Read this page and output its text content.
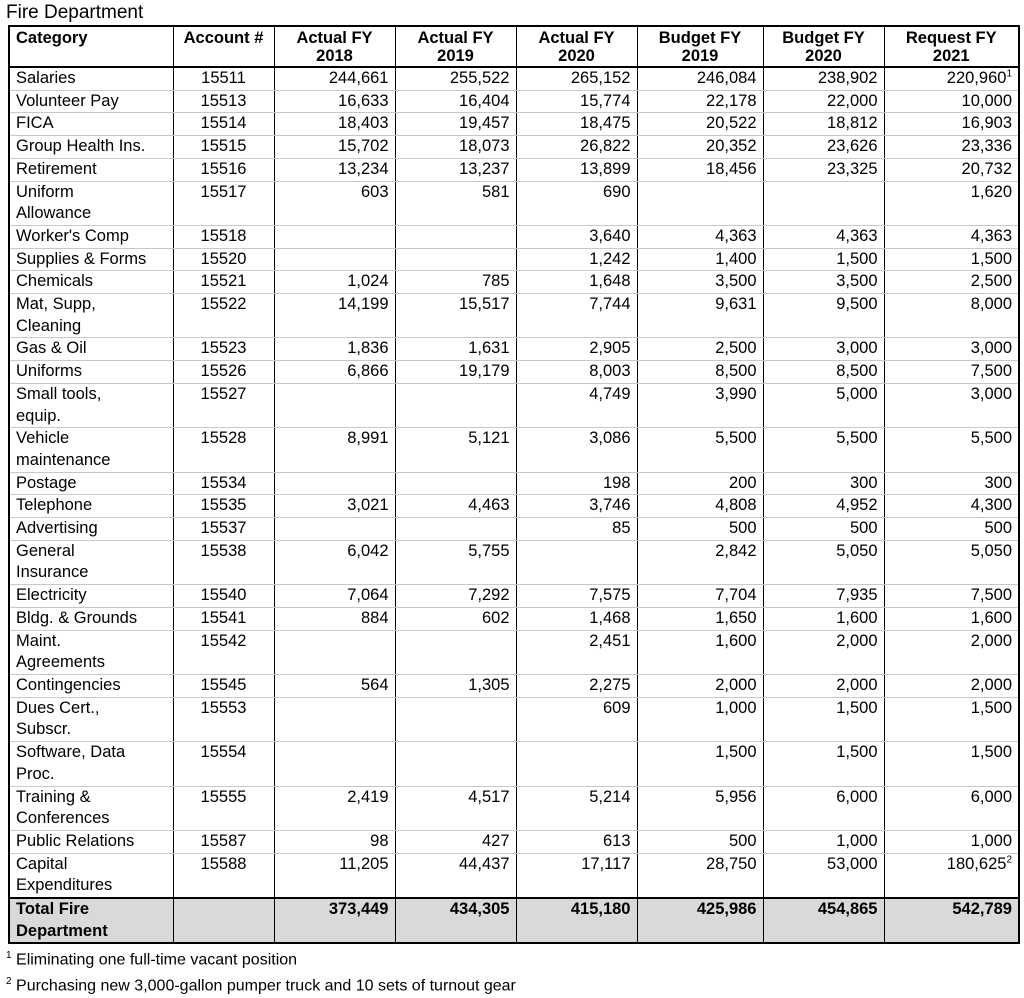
Fire Department
Category	Account #	Actual FY 2018	Actual FY 2019	Actual FY 2020	Budget FY 2019	Budget FY 2020	Request FY 2021
Salaries	15511	244,661	255,522	265,152	246,084	238,902	220,960$^1$
Volunteer Pay	15513	16,633	16,404	15,774	22,178	22,000	10,000
FICA	15514	18,403	19,457	18,475	20,522	18,812	16,903
Group Health Ins.	15515	15,702	18,073	26,822	20,352	23,626	23,336
Retirement	15516	13,234	13,237	13,899	18,456	23,325	20,732
Uniform
Allowance	15517	603	581	690			1,620
Worker's Comp	15518			3,640	4,363	4,363	4,363
Supplies & Forms	15520			1,242	1,400	1,500	1,500
Chemicals	15521	1,024	785	1,648	3,500	3,500	2,500
Mat, Supp,
Cleaning	15522	14,199	15,517	7,744	9,631	9,500	8,000
Gas & Oil	15523	1,836	1,631	2,905	2,500	3,000	3,000
Uniforms	15526	6,866	19,179	8,003	8,500	8,500	7,500
Small tools,
equip.	15527			4,749	3,990	5,000	3,000
Vehicle
maintenance	15528	8,991	5,121	3,086	5,500	5,500	5,500
Postage	15534			198	200	300	300
Telephone	15535	3,021	4,463	3,746	4,808	4,952	4,300
Advertising	15537			85	500	500	500
General
Insurance	15538	6,042	5,755		2,842	5,050	5,050
Electricity	15540	7,064	7,292	7,575	7,704	7,935	7,500
Bldg. & Grounds	15541	884	602	1,468	1,650	1,600	1,600
Maint.
Agreements	15542			2,451	1,600	2,000	2,000
Contingencies	15545	564	1,305	2,275	2,000	2,000	2,000
Dues Cert.,
Subscr.	15553			609	1,000	1,500	1,500
Software, Data
Proc.	15554				1,500	1,500	1,500
Training &
Conferences	15555	2,419	4,517	5,214	5,956	6,000	6,000
Public Relations	15587	98	427	613	500	1,000	1,000
Capital
Expenditures	15588	11,205	44,437	17,117	28,750	53,000	180,625$^2$
Total Fire
Department		373,449	434,305	415,180	425,986	454,865	542,789
$^1$ Eliminating one full-time vacant position
$^2$ Purchasing new 3,000-gallon pumper truck and 10 sets of turnout gear
